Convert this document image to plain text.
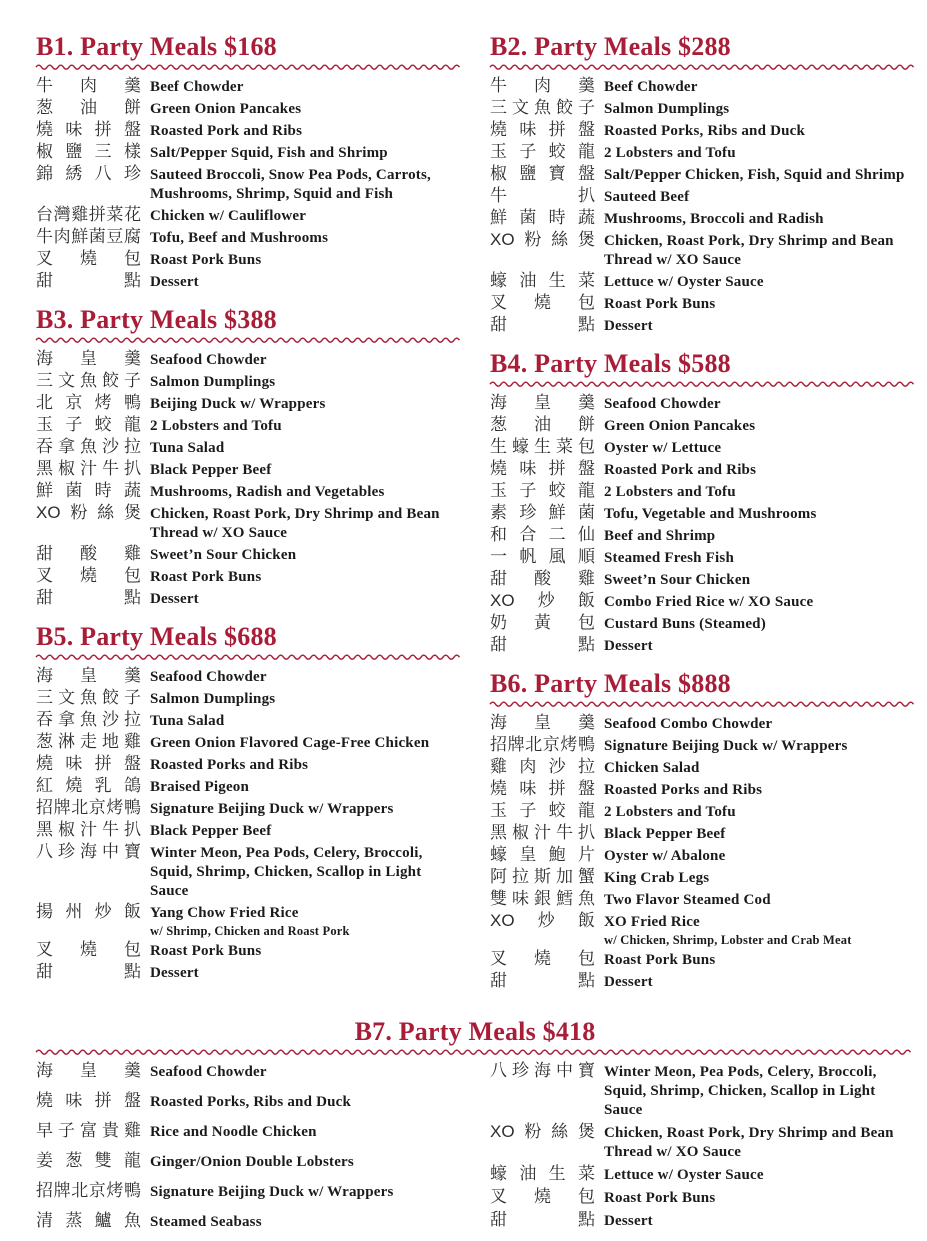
B1. Party Meals $168
牛肉羹 Beef Chowder
葱油餅 Green Onion Pancakes
燒味拼盤 Roasted Pork and Ribs
椒鹽三樣 Salt/Pepper Squid, Fish and Shrimp
錦綉八珍 Sauteed Broccoli, Snow Pea Pods, Carrots, Mushrooms, Shrimp, Squid and Fish
台灣雞拼菜花 Chicken w/ Cauliflower
牛肉鮮菌豆腐 Tofu, Beef and Mushrooms
叉燒包 Roast Pork Buns
甜點 Dessert
B3. Party Meals $388
海皇羹 Seafood Chowder
三文魚餃子 Salmon Dumplings
北京烤鴨 Beijing Duck w/ Wrappers
玉子蛟龍 2 Lobsters and Tofu
吞拿魚沙拉 Tuna Salad
黑椒汁牛扒 Black Pepper Beef
鮮菌時蔬 Mushrooms, Radish and Vegetables
XO粉絲煲 Chicken, Roast Pork, Dry Shrimp and Bean Thread w/ XO Sauce
甜酸雞 Sweet’n Sour Chicken
叉燒包 Roast Pork Buns
甜點 Dessert
B5. Party Meals $688
海皇羹 Seafood Chowder
三文魚餃子 Salmon Dumplings
吞拿魚沙拉 Tuna Salad
葱淋走地雞 Green Onion Flavored Cage-Free Chicken
燒味拼盤 Roasted Porks and Ribs
紅燒乳鴿 Braised Pigeon
招牌北京烤鴨 Signature Beijing Duck w/ Wrappers
黑椒汁牛扒 Black Pepper Beef
八珍海中寶 Winter Meon, Pea Pods, Celery, Broccoli, Squid, Shrimp, Chicken, Scallop in Light Sauce
揚州炒飯 Yang Chow Fried Rice
w/ Shrimp, Chicken and Roast Pork
叉燒包 Roast Pork Buns
甜點 Dessert
B2. Party Meals $288
牛肉羹 Beef Chowder
三文魚餃子 Salmon Dumplings
燒味拼盤 Roasted Porks, Ribs and Duck
玉子蛟龍 2 Lobsters and Tofu
椒鹽寶盤 Salt/Pepper Chicken, Fish, Squid and Shrimp
牛扒 Sauteed Beef
鮮菌時蔬 Mushrooms, Broccoli and Radish
XO粉絲煲 Chicken, Roast Pork, Dry Shrimp and Bean Thread w/ XO Sauce
蠔油生菜 Lettuce w/ Oyster Sauce
叉燒包 Roast Pork Buns
甜點 Dessert
B4. Party Meals $588
海皇羹 Seafood Chowder
葱油餅 Green Onion Pancakes
生蠔生菜包 Oyster w/ Lettuce
燒味拼盤 Roasted Pork and Ribs
玉子蛟龍 2 Lobsters and Tofu
素珍鮮菌 Tofu, Vegetable and Mushrooms
和合二仙 Beef and Shrimp
一帆風順 Steamed Fresh Fish
甜酸雞 Sweet’n Sour Chicken
XO炒飯 Combo Fried Rice w/ XO Sauce
奶黃包 Custard Buns (Steamed)
甜點 Dessert
B6. Party Meals $888
海皇羹 Seafood Combo Chowder
招牌北京烤鴨 Signature Beijing Duck w/ Wrappers
雞肉沙拉 Chicken Salad
燒味拼盤 Roasted Porks and Ribs
玉子蛟龍 2 Lobsters and Tofu
黑椒汁牛扒 Black Pepper Beef
蠔皇鮑片 Oyster w/ Abalone
阿拉斯加蟹 King Crab Legs
雙味銀鱈魚 Two Flavor Steamed Cod
XO炒飯 XO Fried Rice
w/ Chicken, Shrimp, Lobster and Crab Meat
叉燒包 Roast Pork Buns
甜點 Dessert
B7. Party Meals $418
海皇羹 Seafood Chowder
燒味拼盤 Roasted Porks, Ribs and Duck
早子富貴雞 Rice and Noodle Chicken
姜葱雙龍 Ginger/Onion Double Lobsters
招牌北京烤鴨 Signature Beijing Duck w/ Wrappers
清蒸鱸魚 Steamed Seabass
八珍海中寶 Winter Meon, Pea Pods, Celery, Broccoli, Squid, Shrimp, Chicken, Scallop in Light Sauce
XO粉絲煲 Chicken, Roast Pork, Dry Shrimp and Bean Thread w/ XO Sauce
蠔油生菜 Lettuce w/ Oyster Sauce
叉燒包 Roast Pork Buns
甜點 Dessert
